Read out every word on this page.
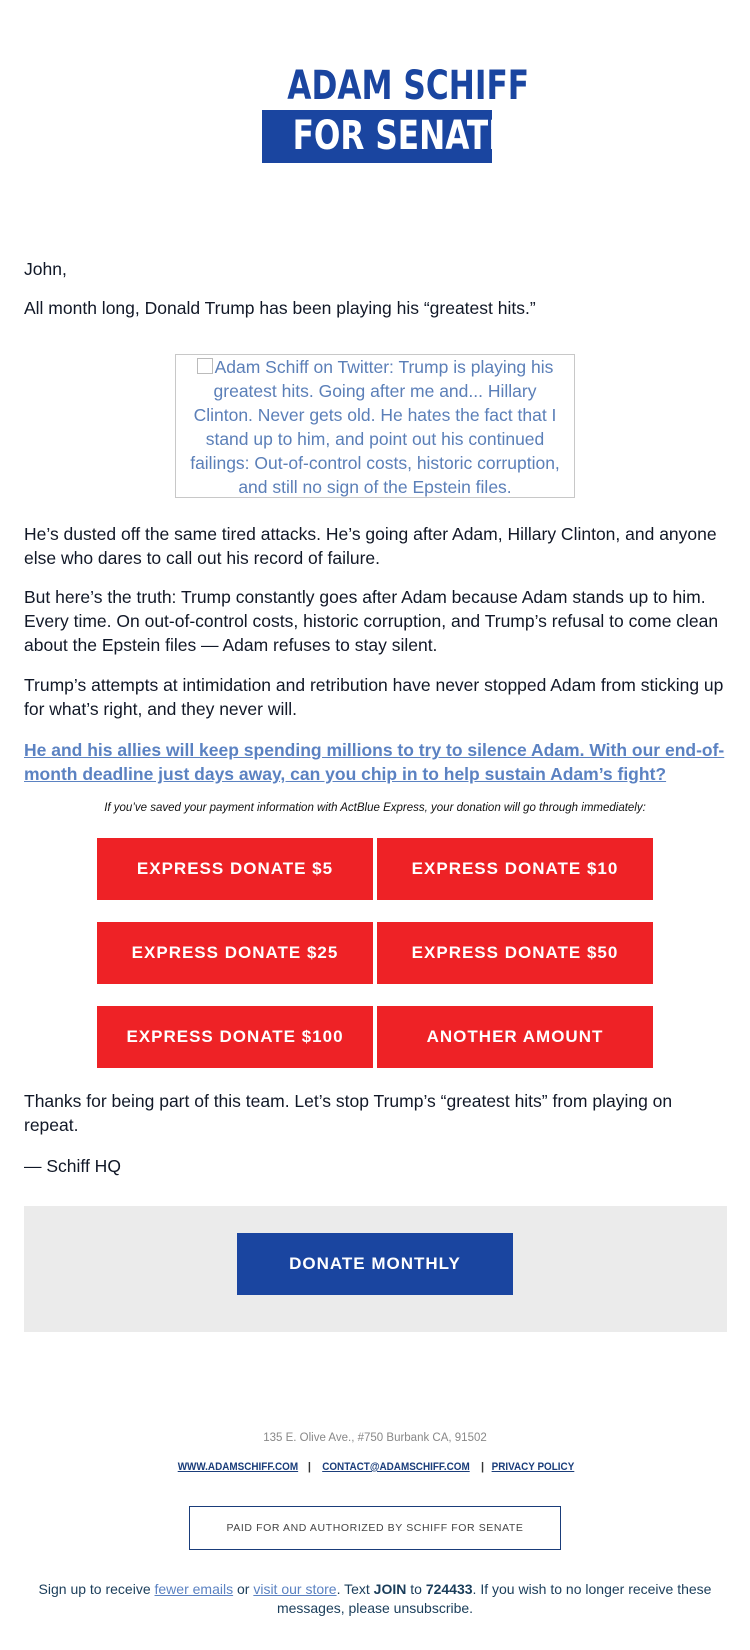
ADAM SCHIFF
FOR SENATE

John,

All month long, Donald Trump has been playing his “greatest hits.”

Adam Schiff on Twitter: Trump is playing his greatest hits. Going after me and... Hillary Clinton. Never gets old. He hates the fact that I stand up to him, and point out his continued failings: Out-of-control costs, historic corruption, and still no sign of the Epstein files.

He’s dusted off the same tired attacks. He’s going after Adam, Hillary Clinton, and anyone else who dares to call out his record of failure.

But here’s the truth: Trump constantly goes after Adam because Adam stands up to him. Every time. On out-of-control costs, historic corruption, and Trump’s refusal to come clean about the Epstein files — Adam refuses to stay silent.

Trump’s attempts at intimidation and retribution have never stopped Adam from sticking up for what’s right, and they never will.

He and his allies will keep spending millions to try to silence Adam. With our end-of-month deadline just days away, can you chip in to help sustain Adam’s fight?
If you’ve saved your payment information with ActBlue Express, your donation will go through immediately:
EXPRESS DONATE $5	EXPRESS DONATE $10
EXPRESS DONATE $25	EXPRESS DONATE $50
EXPRESS DONATE $100	ANOTHER AMOUNT

Thanks for being part of this team. Let’s stop Trump’s “greatest hits” from playing on repeat.

— Schiff HQ

DONATE MONTHLY
135 E. Olive Ave., #750 Burbank CA, 91502
WWW.ADAMSCHIFF.COM | CONTACT@ADAMSCHIFF.COM | PRIVACY POLICY
PAID FOR AND AUTHORIZED BY SCHIFF FOR SENATE
Sign up to receive fewer emails or visit our store. Text JOIN to 724433. If you wish to no longer receive these messages, please unsubscribe.
